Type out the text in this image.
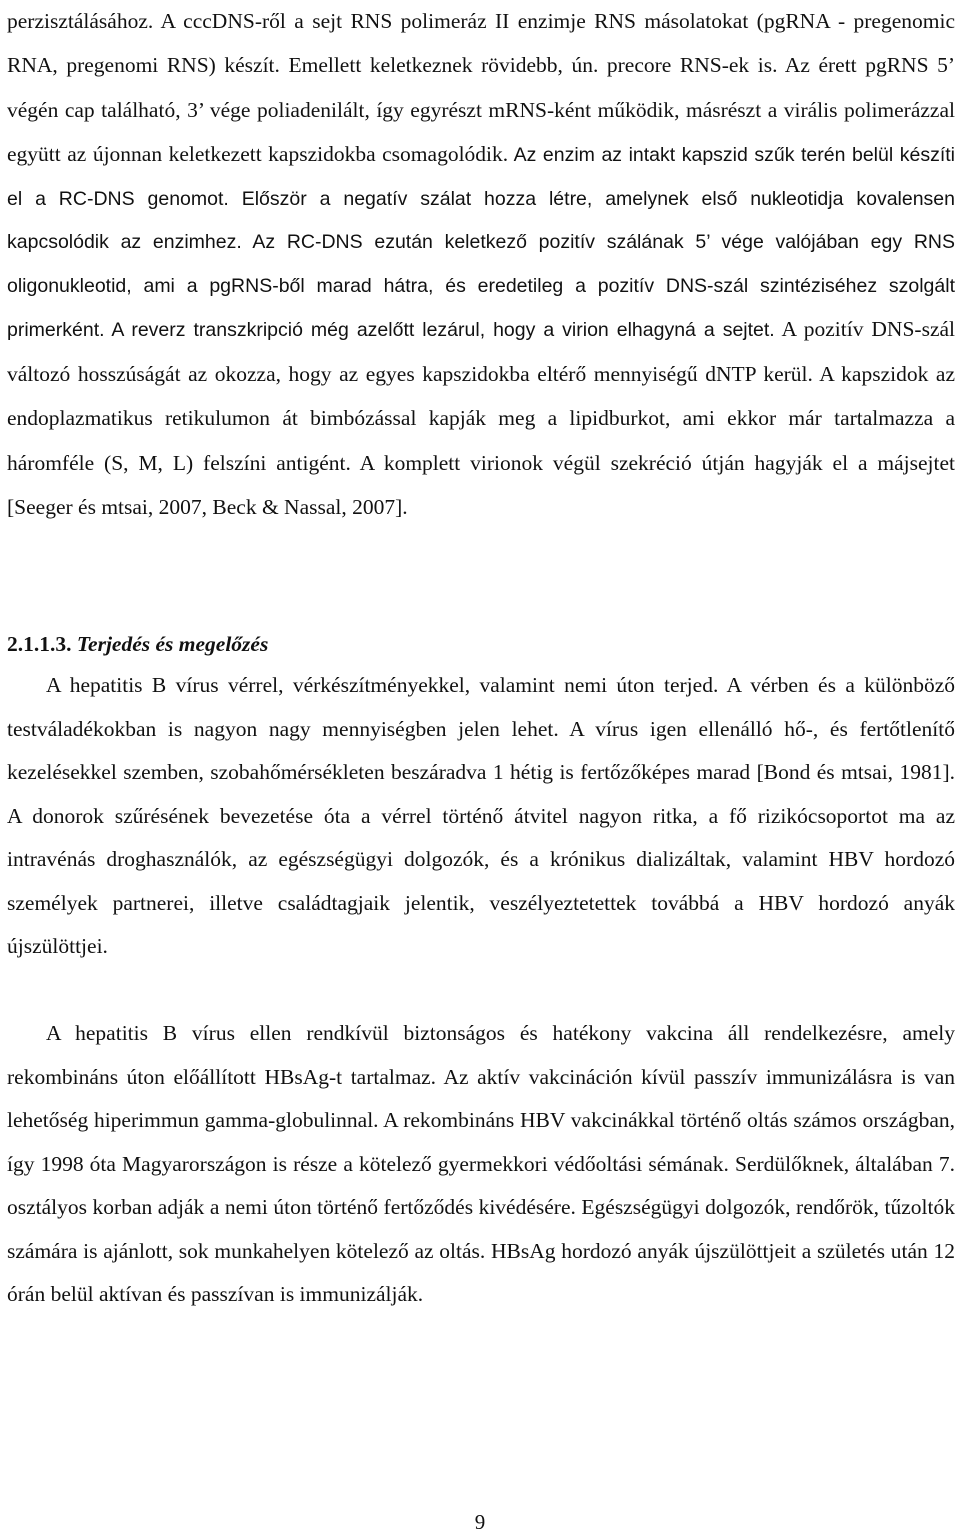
perzisztálásához. A cccDNS-ről a sejt RNS polimeráz II enzimje RNS másolatokat (pgRNA - pregenomic RNA, pregenomi RNS) készít. Emellett keletkeznek rövidebb, ún. precore RNS-ek is. Az érett pgRNS 5’ végén cap található, 3’ vége poliadenilált, így egyrészt mRNS-ként működik, másrészt a virális polimerázzal együtt az újonnan keletkezett kapszidokba csomagolódik. Az enzim az intakt kapszid szűk terén belül készíti el a RC-DNS genomot. Először a negatív szálat hozza létre, amelynek első nukleotidja kovalensen kapcsolódik az enzimhez. Az RC-DNS ezután keletkező pozitív szálának 5’ vége valójában egy RNS oligonukleotid, ami a pgRNS-ből marad hátra, és eredetileg a pozitív DNS-szál szintéziséhez szolgált primerként. A reverz transzkripció még azelőtt lezárul, hogy a virion elhagyná a sejtet. A pozitív DNS-szál változó hosszúságát az okozza, hogy az egyes kapszidokba eltérő mennyiségű dNTP kerül. A kapszidok az endoplazmatikus retikulumon át bimbózással kapják meg a lipidburkot, ami ekkor már tartalmazza a háromféle (S, M, L) felszíni antigént. A komplett virionok végül szekréció útján hagyják el a májsejtet [Seeger és mtsai, 2007, Beck & Nassal, 2007].

2.1.1.3. Terjedés és megelőzés

A hepatitis B vírus vérrel, vérkészítményekkel, valamint nemi úton terjed. A vérben és a különböző testváladékokban is nagyon nagy mennyiségben jelen lehet. A vírus igen ellenálló hő-, és fertőtlenítő kezelésekkel szemben, szobahőmérsékleten beszáradva 1 hétig is fertőzőképes marad [Bond és mtsai, 1981]. A donorok szűrésének bevezetése óta a vérrel történő átvitel nagyon ritka, a fő rizikócsoportot ma az intravénás droghasználók, az egészségügyi dolgozók, és a krónikus dializáltak, valamint HBV hordozó személyek partnerei, illetve családtagjaik jelentik, veszélyeztetettek továbbá a HBV hordozó anyák újszülöttjei.

A hepatitis B vírus ellen rendkívül biztonságos és hatékony vakcina áll rendelkezésre, amely rekombináns úton előállított HBsAg-t tartalmaz. Az aktív vakcináción kívül passzív immunizálásra is van lehetőség hiperimmun gamma-globulinnal. A rekombináns HBV vakcinákkal történő oltás számos országban, így 1998 óta Magyarországon is része a kötelező gyermekkori védőoltási sémának. Serdülőknek, általában 7. osztályos korban adják a nemi úton történő fertőződés kivédésére. Egészségügyi dolgozók, rendőrök, tűzoltók számára is ajánlott, sok munkahelyen kötelező az oltás. HBsAg hordozó anyák újszülöttjeit a születés után 12 órán belül aktívan és passzívan is immunizálják.

9
